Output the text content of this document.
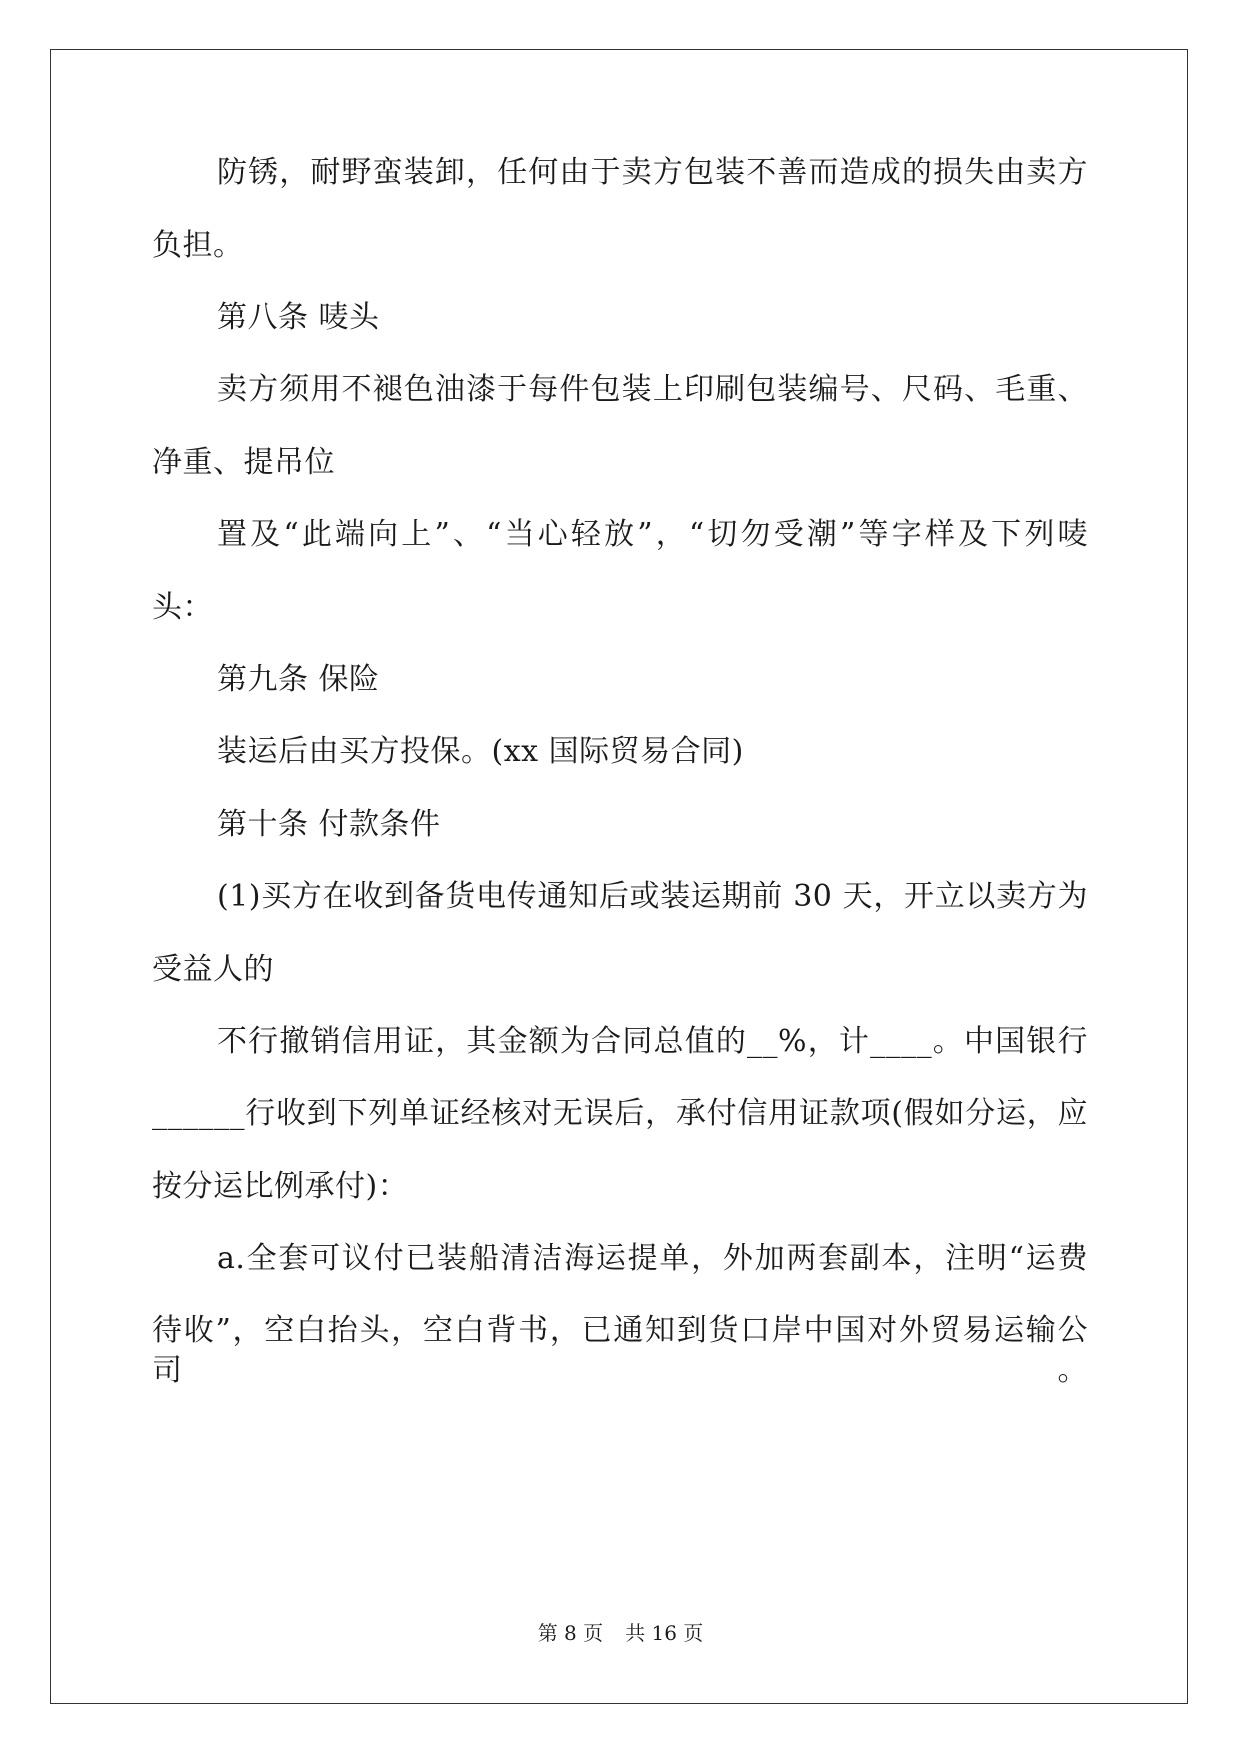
防锈，耐野蛮装卸，任何由于卖方包装不善而造成的损失由卖方
负担。
第八条 唛头
卖方须用不褪色油漆于每件包装上印刷包装编号、尺码、毛重、
净重、提吊位
置及“此端向上”、“当心轻放”，“切勿受潮”等字样及下列唛
头：
第九条 保险
装运后由买方投保。(xx 国际贸易合同)
第十条 付款条件
(1)买方在收到备货电传通知后或装运期前 30 天，开立以卖方为
受益人的
不行撤销信用证，其金额为合同总值的__%，计____。中国银行
______行收到下列单证经核对无误后，承付信用证款项(假如分运，应
按分运比例承付)：
a.全套可议付已装船清洁海运提单，外加两套副本，注明“运费
待收”，空白抬头，空白背书，已通知到货口岸中国对外贸易运输公司。
第 8 页 共 16 页
